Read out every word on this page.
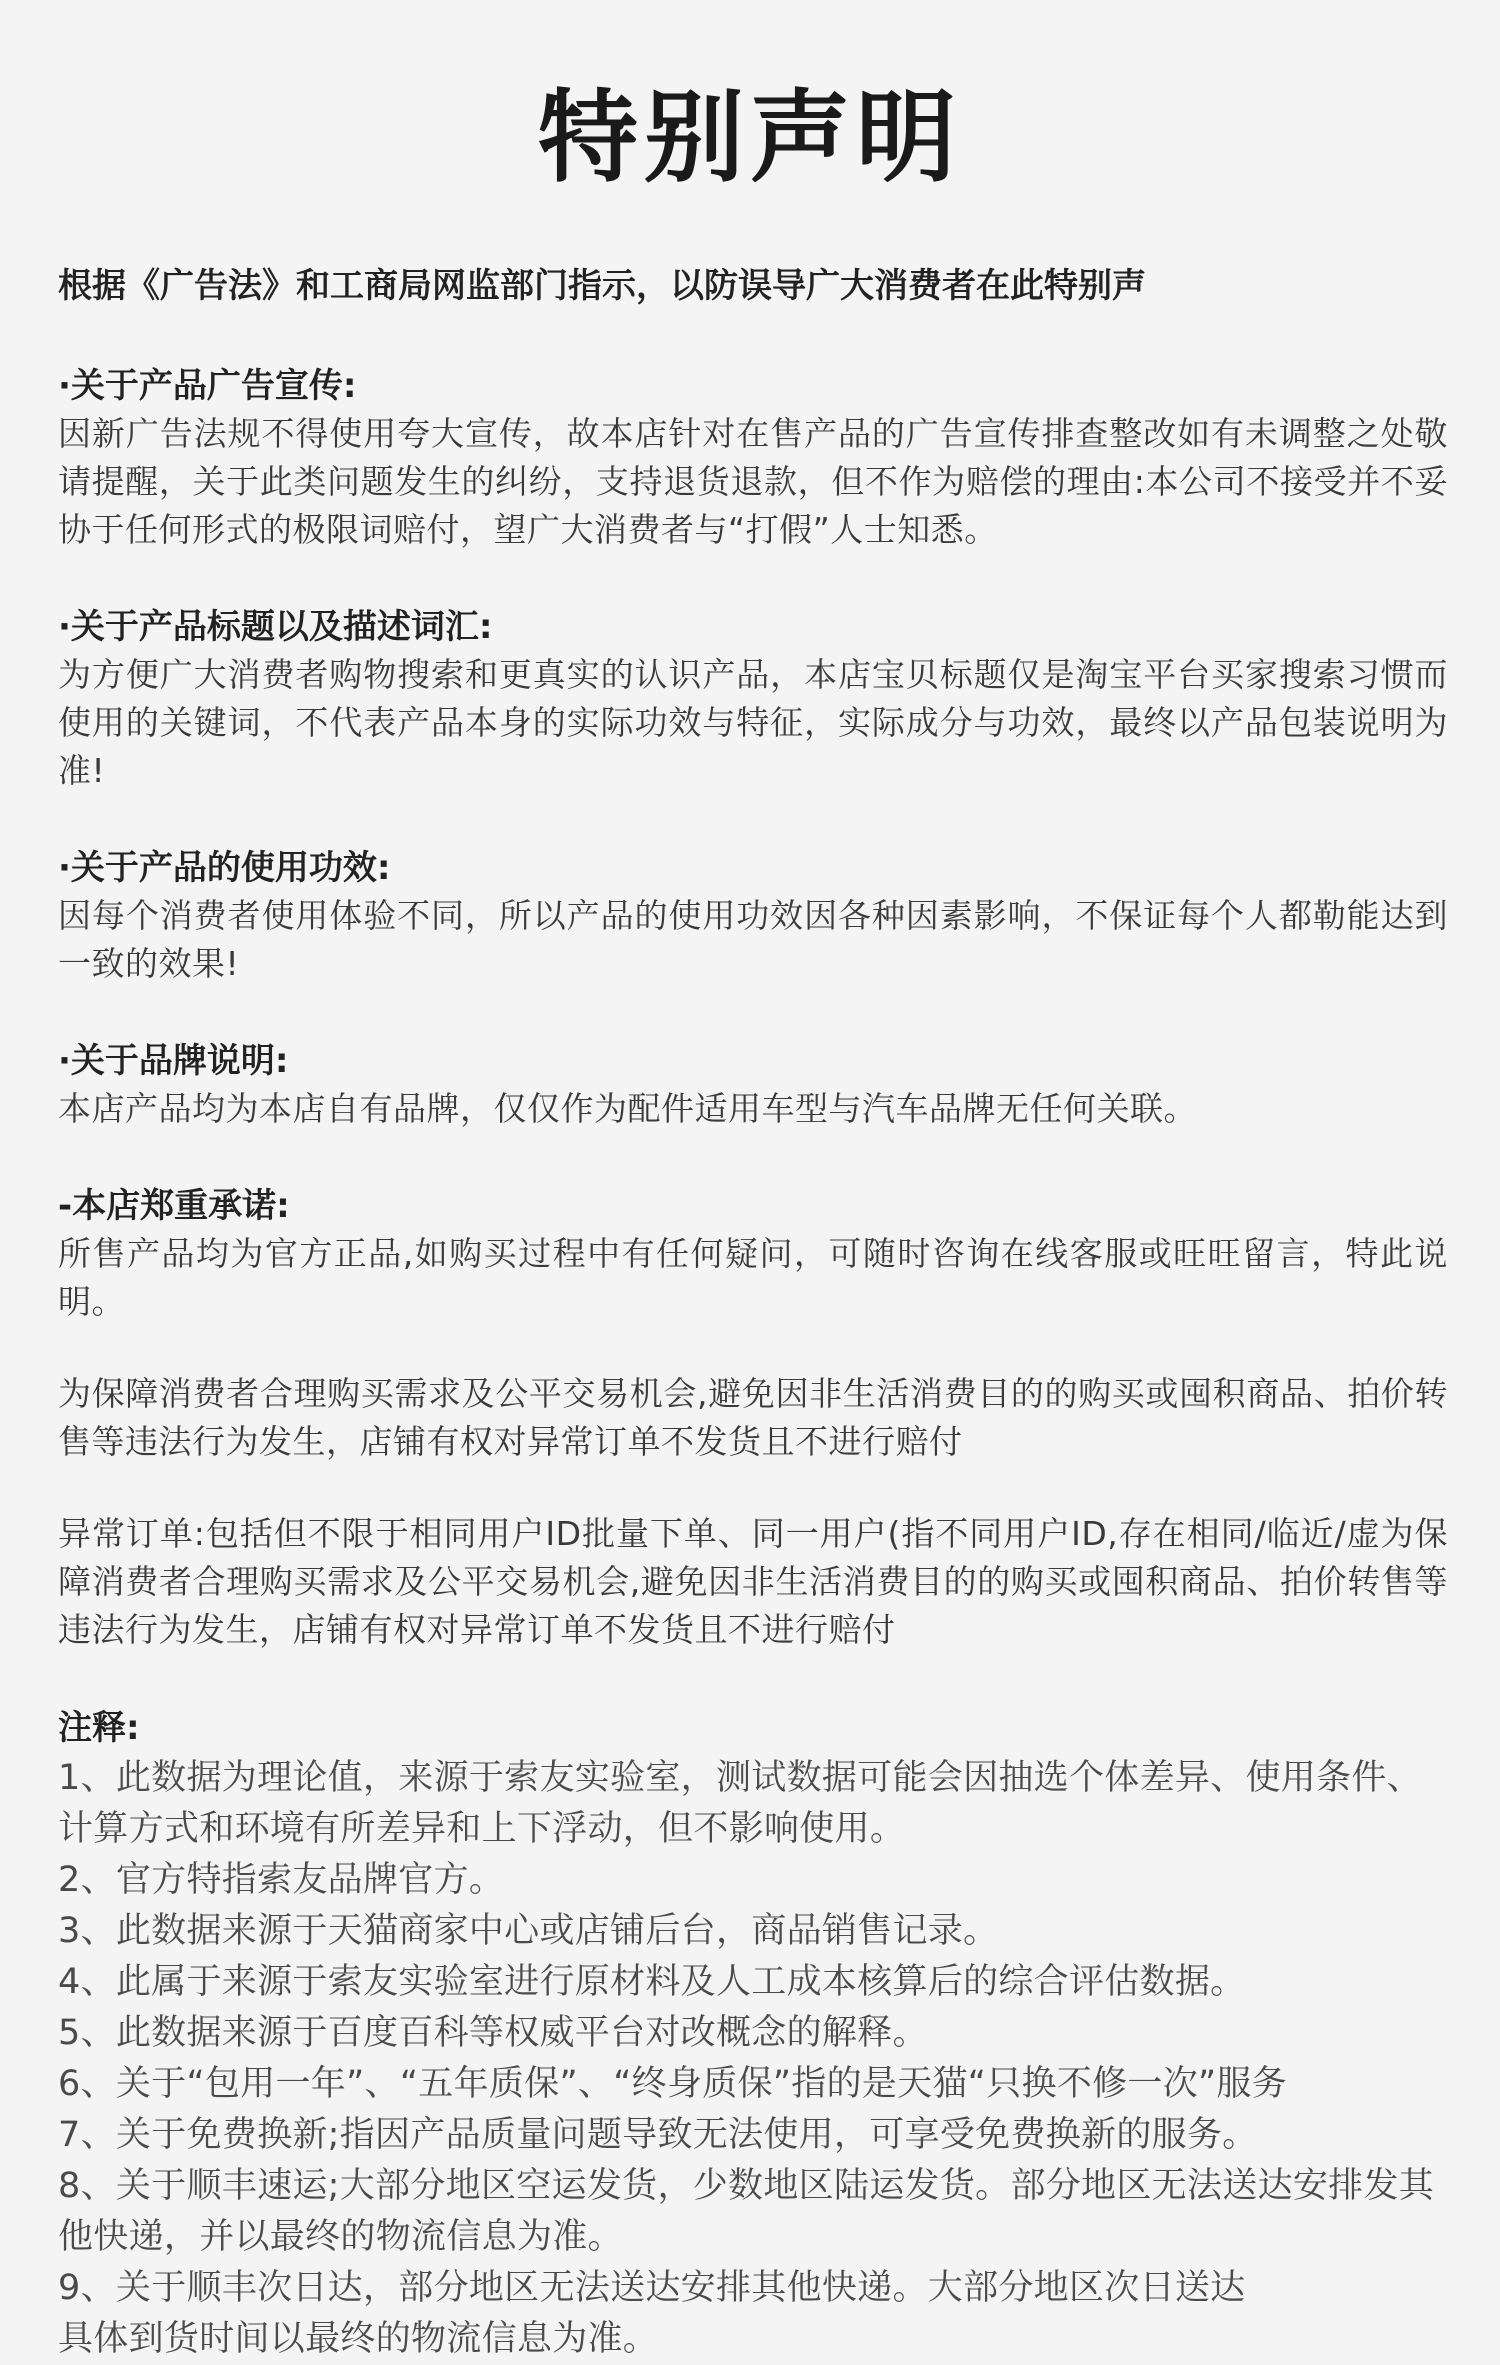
特别声明

根据《广告法》和工商局网监部门指示，以防误导广大消费者在此特别声

·关于产品广告宣传:

因新广告法规不得使用夸大宣传，故本店针对在售产品的广告宣传排查整改如有未调整之处敬请提醒，关于此类问题发生的纠纷，支持退货退款，但不作为赔偿的理由:本公司不接受并不妥协于任何形式的极限词赔付，望广大消费者与“打假”人士知悉。

·关于产品标题以及描述词汇:

为方便广大消费者购物搜索和更真实的认识产品，本店宝贝标题仅是淘宝平台买家搜索习惯而使用的关键词，不代表产品本身的实际功效与特征，实际成分与功效，最终以产品包装说明为准!

·关于产品的使用功效:

因每个消费者使用体验不同，所以产品的使用功效因各种因素影响，不保证每个人都勒能达到一致的效果!

·关于品牌说明:

本店产品均为本店自有品牌，仅仅作为配件适用车型与汽车品牌无任何关联。

-本店郑重承诺:

所售产品均为官方正品,如购买过程中有任何疑问，可随时咨询在线客服或旺旺留言，特此说明。

为保障消费者合理购买需求及公平交易机会,避免因非生活消费目的的购买或囤积商品、拍价转售等违法行为发生，店铺有权对异常订单不发货且不进行赔付

异常订单:包括但不限于相同用户ID批量下单、同一用户(指不同用户ID,存在相同/临近/虚为保障消费者合理购买需求及公平交易机会,避免因非生活消费目的的购买或囤积商品、拍价转售等违法行为发生，店铺有权对异常订单不发货且不进行赔付

注释:

1、此数据为理论值，来源于索友实验室，测试数据可能会因抽选个体差异、使用条件、计算方式和环境有所差异和上下浮动，但不影响使用。
2、官方特指索友品牌官方。
3、此数据来源于天猫商家中心或店铺后台，商品销售记录。
4、此属于来源于索友实验室进行原材料及人工成本核算后的综合评估数据。
5、此数据来源于百度百科等权威平台对改概念的解释。
6、关于“包用一年”、“五年质保”、“终身质保”指的是天猫“只换不修一次”服务
7、关于免费换新;指因产品质量问题导致无法使用，可享受免费换新的服务。
8、关于顺丰速运;大部分地区空运发货，少数地区陆运发货。部分地区无法送达安排发其他快递，并以最终的物流信息为准。
9、关于顺丰次日达，部分地区无法送达安排其他快递。大部分地区次日送达
具体到货时间以最终的物流信息为准。
